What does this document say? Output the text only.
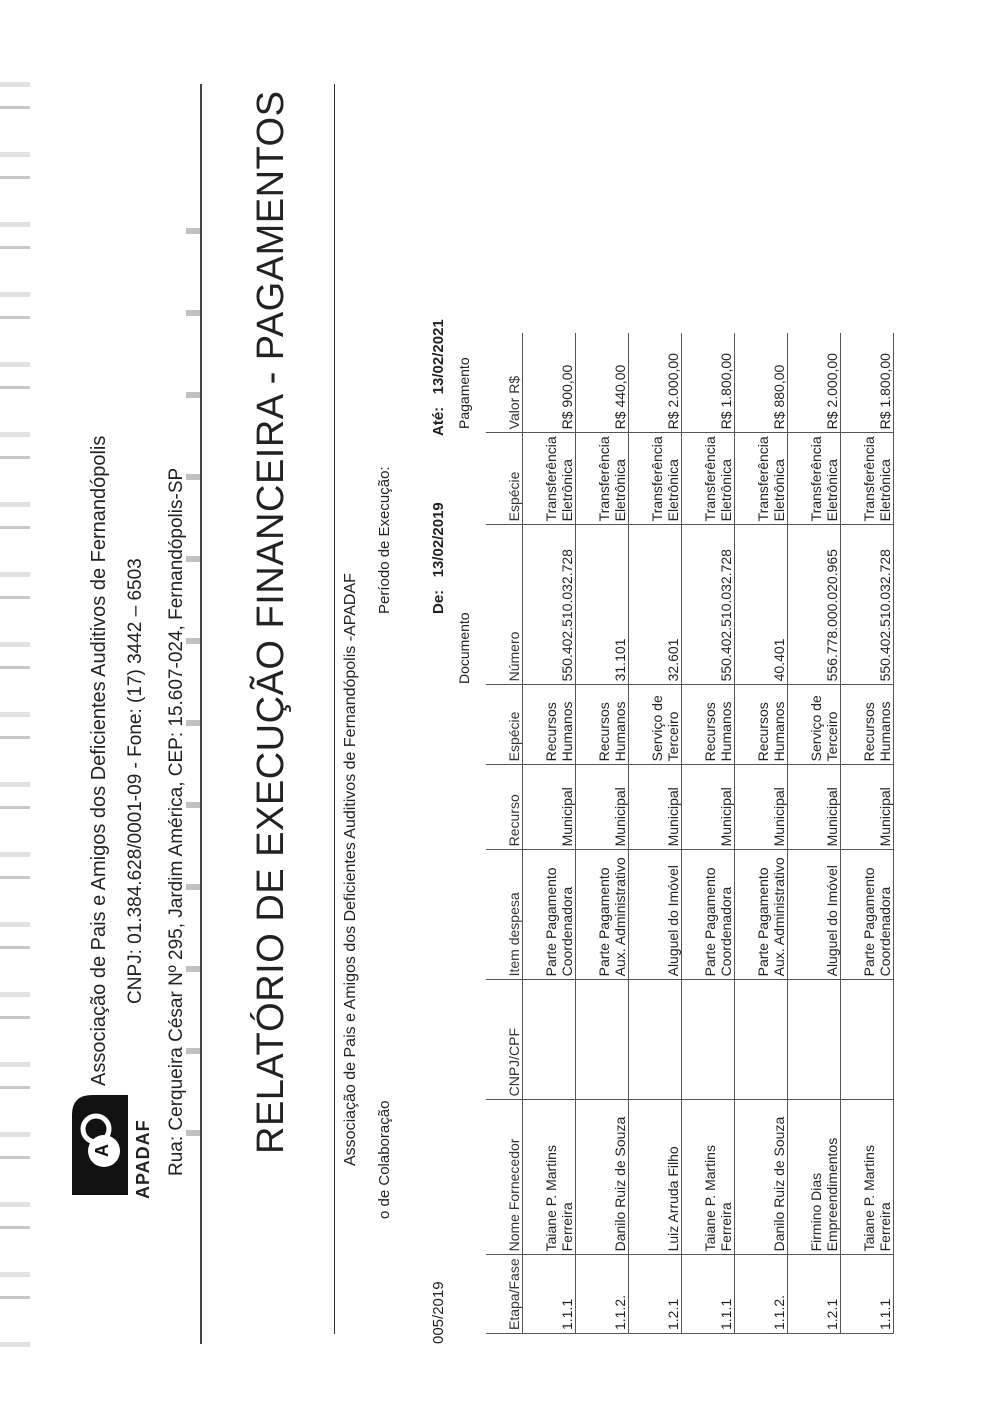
A APADAF
Associação de Pais e Amigos dos Deficientes Auditivos de Fernandópolis CNPJ: 01.384.628/0001-09 - Fone: (17) 3442 – 6503 Rua: Cerqueira César Nº 295, Jardim América, CEP: 15.607-024, Fernandópolis-SP RELATÓRIO DE EXECUÇÃO FINANCEIRA - PAGAMENTOS	Associação de Pais e Amigos dos Deficientes Auditivos de Fernandópolis -APADAF o de Colaboração
Período de Execução:
005/2019
De:   13/02/2019
Até:   13/02/2021
Documento
Pagamento
Etapa/Fase	Nome Fornecedor	CNPJ/CPF	Item despesa	Recurso	Espécie	Número	Espécie	Valor R$
1.1.1	Taiane P. Martins Ferreira		Parte Pagamento Coordenadora	Municipal	Recursos Humanos	550.402.510.032.728	Transferência Eletrônica	R$ 900,00
1.1.2.	Danilo Ruiz de Souza		Parte Pagamento Aux. Administrativo	Municipal	Recursos Humanos	31.101	Transferência Eletrônica	R$ 440,00
1.2.1	Luiz Arruda Filho		Aluguel do Imóvel	Municipal	Serviço de Terceiro	32.601	Transferência Eletrônica	R$ 2.000,00
1.1.1	Taiane P. Martins Ferreira		Parte Pagamento Coordenadora	Municipal	Recursos Humanos	550.402.510.032.728	Transferência Eletrônica	R$ 1.800,00
1.1.2.	Danilo Ruiz de Souza		Parte Pagamento Aux. Administrativo	Municipal	Recursos Humanos	40.401	Transferência Eletrônica	R$ 880,00
1.2.1	Firmino Dias Empreendimentos		Aluguel do Imóvel	Municipal	Serviço de Terceiro	556.778.000.020.965	Transferência Eletrônica	R$ 2.000,00
1.1.1	Taiane P. Martins Ferreira		Parte Pagamento Coordenadora	Municipal	Recursos Humanos	550.402.510.032.728	Transferência Eletrônica	R$ 1.800,00
